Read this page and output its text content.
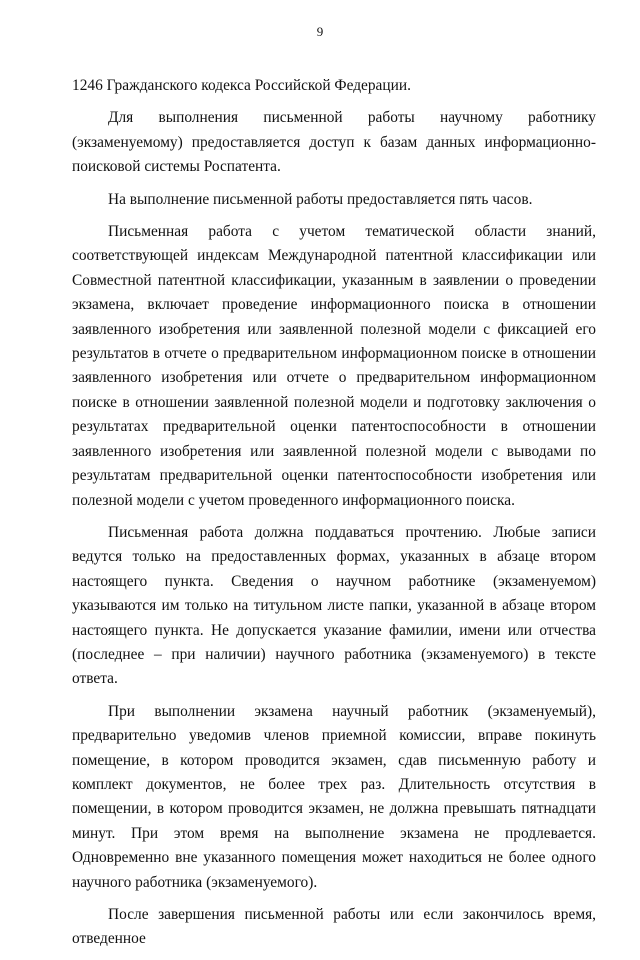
9

1246 Гражданского кодекса Российской Федерации.

Для выполнения письменной работы научному работнику (экзаменуемому) предоставляется доступ к базам данных информационно-поисковой системы Роспатента.

На выполнение письменной работы предоставляется пять часов.

Письменная работа с учетом тематической области знаний, соответствующей индексам Международной патентной классификации или Совместной патентной классификации, указанным в заявлении о проведении экзамена, включает проведение информационного поиска в отношении заявленного изобретения или заявленной полезной модели с фиксацией его результатов в отчете о предварительном информационном поиске в отношении заявленного изобретения или отчете о предварительном информационном поиске в отношении заявленной полезной модели и подготовку заключения о результатах предварительной оценки патентоспособности в отношении заявленного изобретения или заявленной полезной модели с выводами по результатам предварительной оценки патентоспособности изобретения или полезной модели с учетом проведенного информационного поиска.

Письменная работа должна поддаваться прочтению. Любые записи ведутся только на предоставленных формах, указанных в абзаце втором настоящего пункта. Сведения о научном работнике (экзаменуемом) указываются им только на титульном листе папки, указанной в абзаце втором настоящего пункта. Не допускается указание фамилии, имени или отчества (последнее – при наличии) научного работника (экзаменуемого) в тексте ответа.

При выполнении экзамена научный работник (экзаменуемый), предварительно уведомив членов приемной комиссии, вправе покинуть помещение, в котором проводится экзамен, сдав письменную работу и комплект документов, не более трех раз. Длительность отсутствия в помещении, в котором проводится экзамен, не должна превышать пятнадцати минут. При этом время на выполнение экзамена не продлевается. Одновременно вне указанного помещения может находиться не более одного научного работника (экзаменуемого).

После завершения письменной работы или если закончилось время, отведенное
